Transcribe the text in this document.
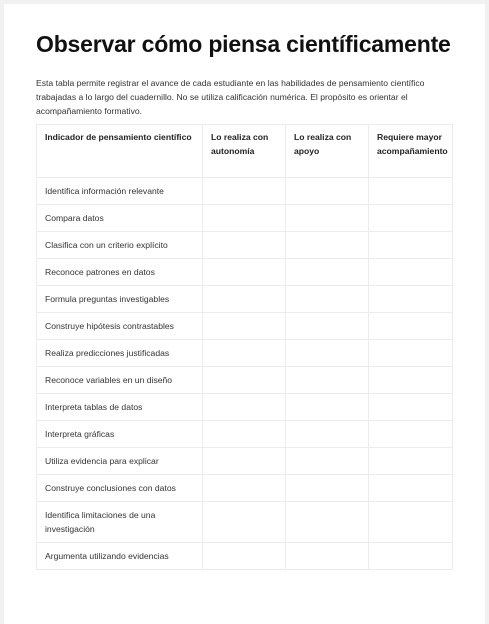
Observar cómo piensa científicamente

Esta tabla permite registrar el avance de cada estudiante en las habilidades de pensamiento científico trabajadas a lo largo del cuadernillo. No se utiliza calificación numérica. El propósito es orientar el acompañamiento formativo.

Indicador de pensamiento científico	Lo realiza con autonomía	Lo realiza con apoyo	Requiere mayor acompañamiento
Identifica información relevante			
Compara datos			
Clasifica con un criterio explícito			
Reconoce patrones en datos			
Formula preguntas investigables			
Construye hipótesis contrastables			
Realiza predicciones justificadas			
Reconoce variables en un diseño			
Interpreta tablas de datos			
Interpreta gráficas			
Utiliza evidencia para explicar			
Construye conclusiones con datos			
Identifica limitaciones de una investigación			
Argumenta utilizando evidencias			
